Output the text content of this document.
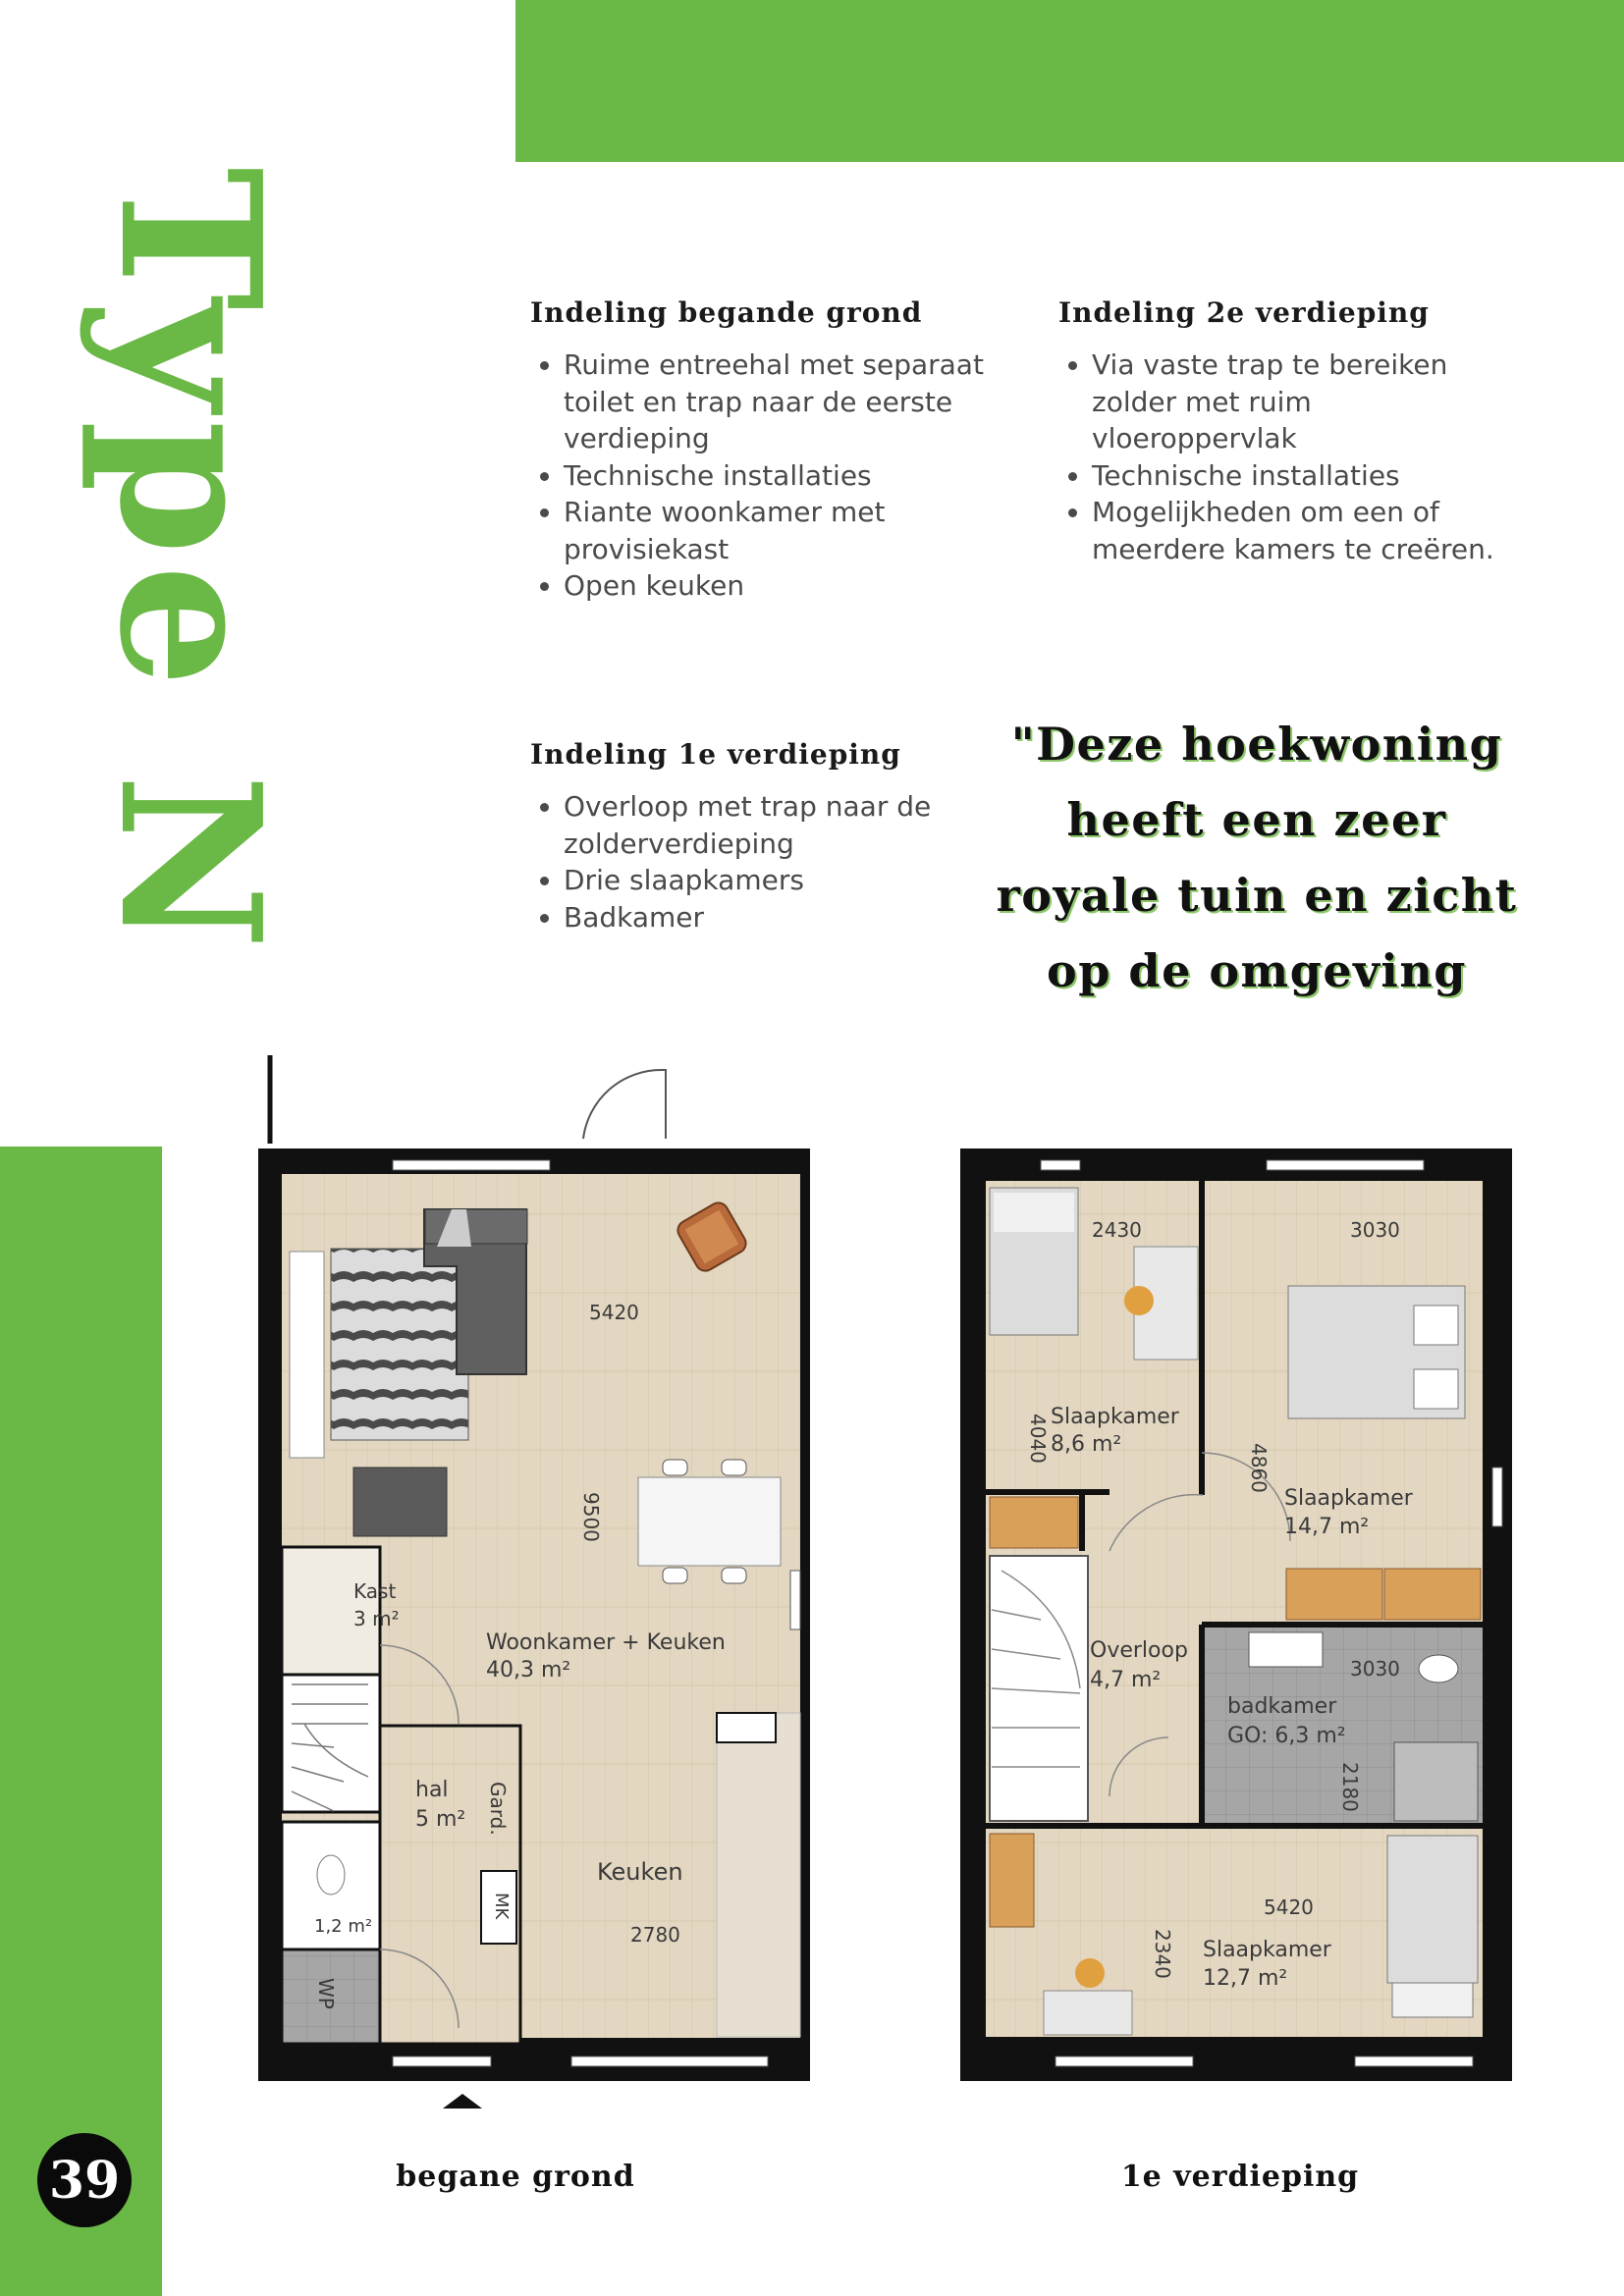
Type N	Indeling begande grond
• Ruime entreehal met separaat toilet en trap naar de eerste verdieping
• Technische installaties
• Riante woonkamer met provisiekast
• Open keuken
Indeling 2e verdieping
• Via vaste trap te bereiken zolder met ruim vloeroppervlak
• Technische installaties
• Mogelijkheden om een of meerdere kamers te creëren.
Indeling 1e verdieping
• Overloop met trap naar de zolderverdieping
• Drie slaapkamers
• Badkamer
"Deze hoekwoning heeft een zeer royale tuin en zicht op de omgeving
Kast
3 m²
5420
9500
Woonkamer + Keuken
40,3 m²
hal
5 m² Gard.
1,2 m²
WP
MK
Keuken
2780
2430
4040 Slaapkamer
8,6 m²
3030
4860
Slaapkamer
14,7 m²
Overloop
4,7 m²	3030
badkamer
GO: 6,3 m²
2180
5420
2340 Slaapkamer
12,7 m²
begane grond	1e verdieping
39
